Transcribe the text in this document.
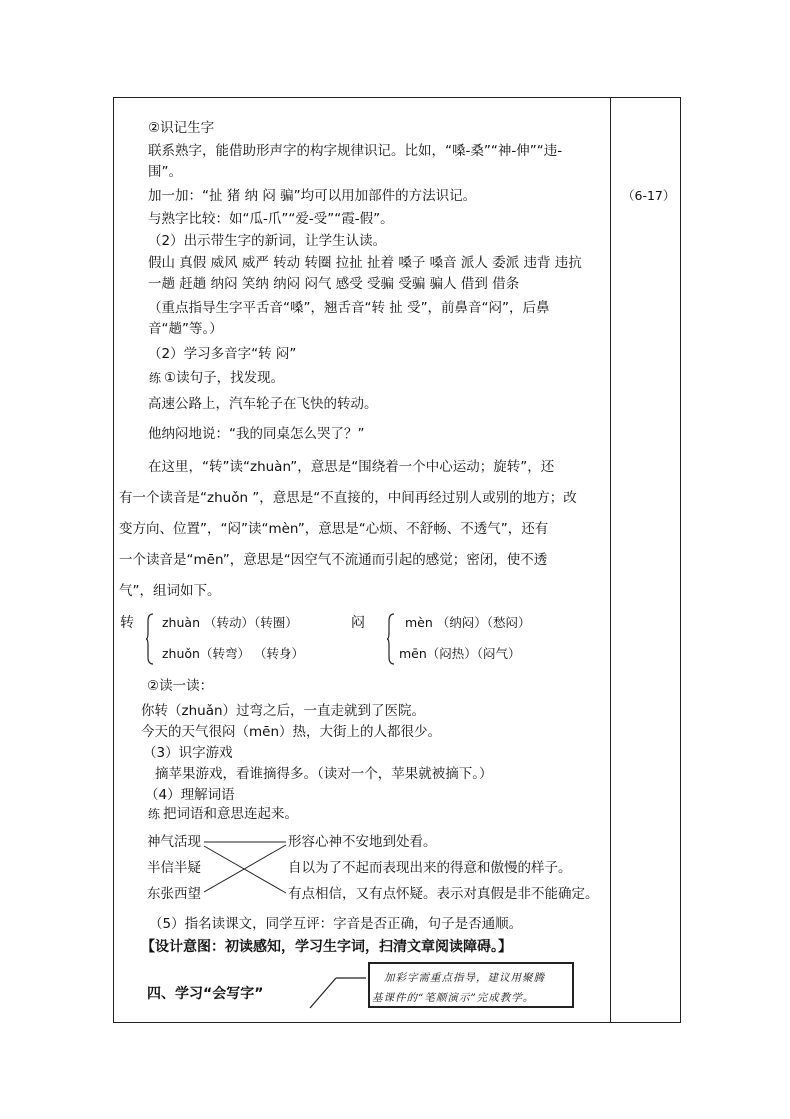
（6-17）
②识记生字
联系熟字，能借助形声字的构字规律识记。比如，“嗓-桑”“神-伸”“违-
围”。
加一加：“扯 猪 纳 闷 骗”均可以用加部件的方法识记。
与熟字比较：如“瓜-爪”“爱-受”“霞-假”。
（2）出示带生字的新词，让学生认读。
假山 真假 威风 威严 转动 转圈 拉扯 扯着 嗓子 嗓音 派人 委派 违背 违抗
一趟 赶趟 纳闷 笑纳 纳闷 闷气 感受 受骗 受骗 骗人 借到 借条
（重点指导生字平舌音“嗓”，翘舌音“转 扯 受”，前鼻音“闷”，后鼻
音“趟”等。）
（2）学习多音字“转 闷”
练 ①读句子，找发现。
高速公路上，汽车轮子在飞快的转动。
他纳闷地说：“我的同桌怎么哭了？”
在这里，“转”读“zhuàn”，意思是“围绕着一个中心运动；旋转”，还
有一个读音是“zhuǒn ”，意思是“不直接的，中间再经过别人或别的地方；改
变方向、位置”，“闷”读“mèn”，意思是“心烦、不舒畅、不透气”，还有
一个读音是“mēn”，意思是“因空气不流通而引起的感觉；密闭，使不透
气”，组词如下。
转 zhuàn （转动）（转圈）
zhuǒn（转弯） （转身）
闷	mèn （纳闷）（愁闷）
mēn（闷热）（闷气）
②读一读：
你转（zhuǎn）过弯之后，一直走就到了医院。
今天的天气很闷（mēn）热，大街上的人都很少。
（3）识字游戏
摘苹果游戏，看谁摘得多。（读对一个，苹果就被摘下。）
（4）理解词语
练 把词语和意思连起来。
神气活现
半信半疑
东张西望
形容心神不安地到处看。
自以为了不起而表现出来的得意和傲慢的样子。
有点相信，又有点怀疑。表示对真假是非不能确定。
（5）指名读课文，同学互评：字音是否正确，句子是否通顺。
【设计意图：初读感知，学习生字词，扫清文章阅读障碍。】
四、学习“会写字”
加彩字需重点指导，建议用聚腾
基课件的“笔顺演示”完成教学。
